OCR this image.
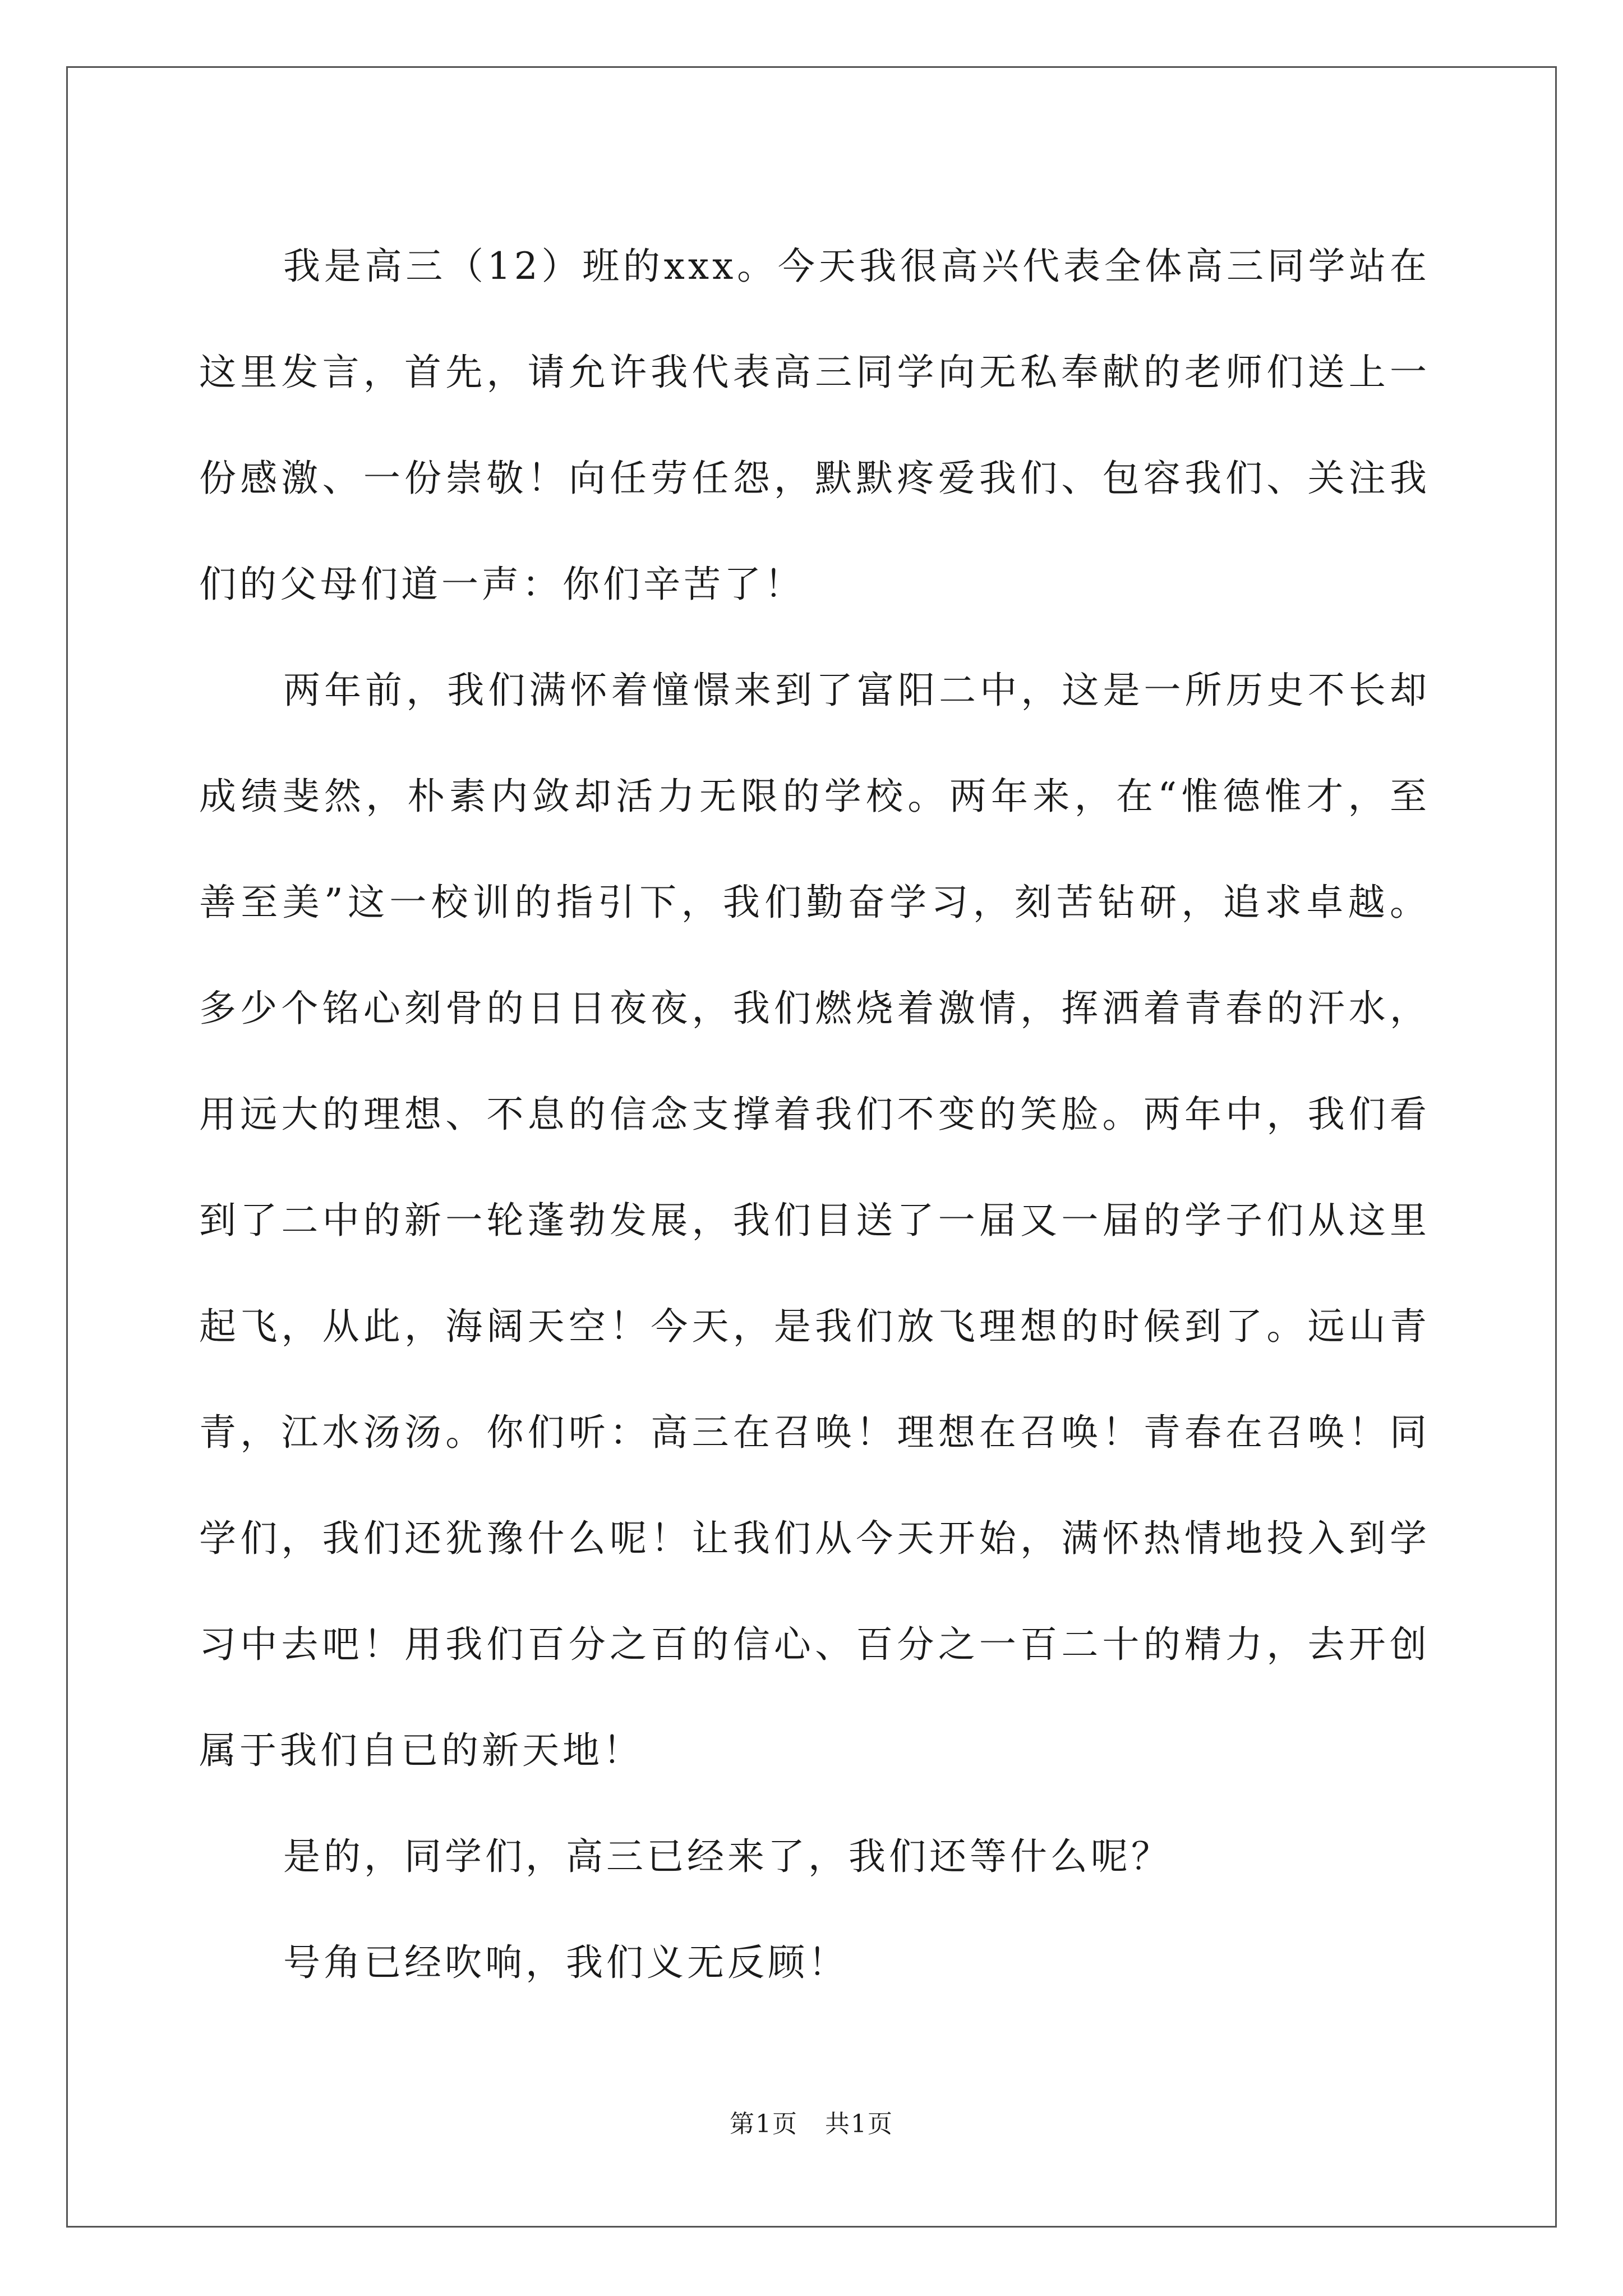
我是高三（12）班的xxx。今天我很高兴代表全体高三同学站在这里发言，首先，请允许我代表高三同学向无私奉献的老师们送上一份感激、一份崇敬！向任劳任怨，默默疼爱我们、包容我们、关注我们的父母们道一声：你们辛苦了！

两年前，我们满怀着憧憬来到了富阳二中，这是一所历史不长却成绩斐然，朴素内敛却活力无限的学校。两年来，在“惟德惟才，至善至美”这一校训的指引下，我们勤奋学习，刻苦钻研，追求卓越。多少个铭心刻骨的日日夜夜，我们燃烧着激情，挥洒着青春的汗水，用远大的理想、不息的信念支撑着我们不变的笑脸。两年中，我们看到了二中的新一轮蓬勃发展，我们目送了一届又一届的学子们从这里起飞，从此，海阔天空！今天，是我们放飞理想的时候到了。远山青青，江水汤汤。你们听：高三在召唤！理想在召唤！青春在召唤！同学们，我们还犹豫什么呢！让我们从今天开始，满怀热情地投入到学习中去吧！用我们百分之百的信心、百分之一百二十的精力，去开创属于我们自已的新天地！

是的，同学们，高三已经来了，我们还等什么呢？

号角已经吹响，我们义无反顾！

第1页 共1页
